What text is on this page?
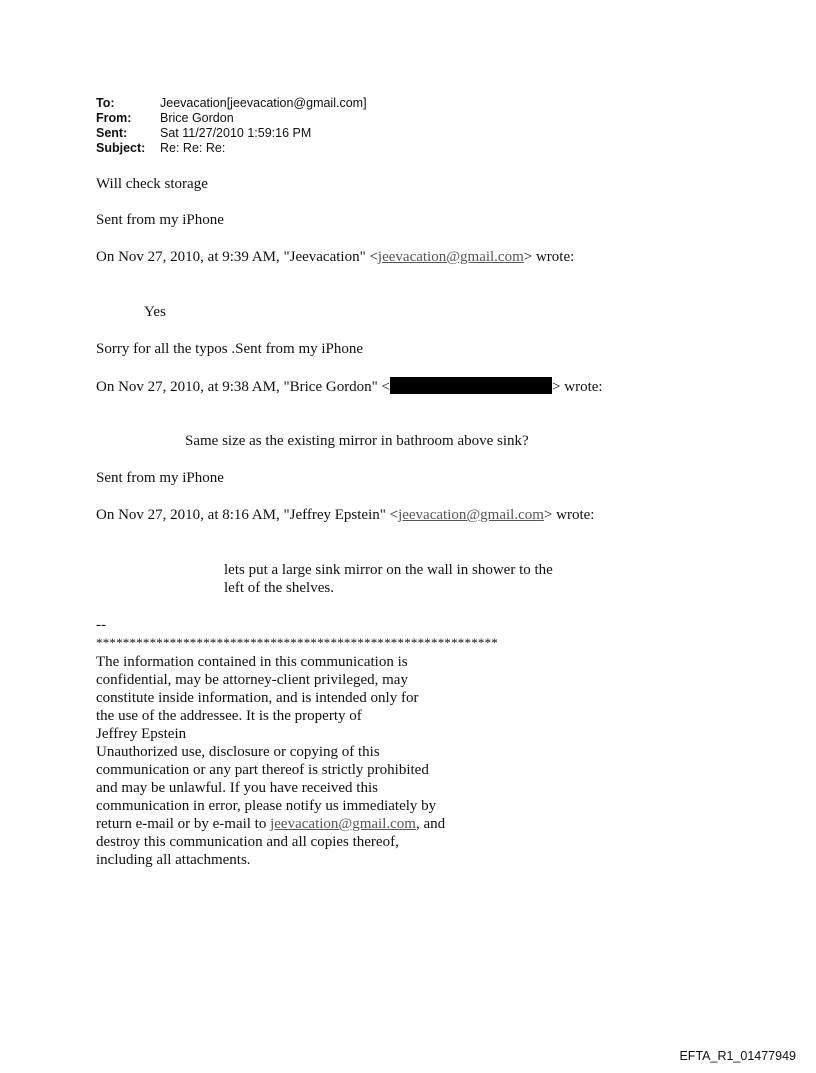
To:	Jeevacation[jeevacation@gmail.com]
From:	Brice Gordon
Sent:	Sat 11/27/2010 1:59:16 PM
Subject:	Re: Re: Re:
Will check storage
Sent from my iPhone
On Nov 27, 2010, at 9:39 AM, "Jeevacation" <jeevacation@gmail.com> wrote:
Yes
Sorry for all the typos .Sent from my iPhone
On Nov 27, 2010, at 9:38 AM, "Brice Gordon" <	> wrote:
Same size as the existing mirror in bathroom above sink?
Sent from my iPhone
On Nov 27, 2010, at 8:16 AM, "Jeffrey Epstein" <jeevacation@gmail.com> wrote:
lets put a large sink mirror on the wall in shower to the
left of the shelves.
--
************************************************************
The information contained in this communication is
confidential, may be attorney-client privileged, may
constitute inside information, and is intended only for
the use of the addressee. It is the property of
Jeffrey Epstein
Unauthorized use, disclosure or copying of this
communication or any part thereof is strictly prohibited
and may be unlawful. If you have received this
communication in error, please notify us immediately by
return e-mail or by e-mail to jeevacation@gmail.com, and
destroy this communication and all copies thereof,
including all attachments.
EFTA_R1_01477949
